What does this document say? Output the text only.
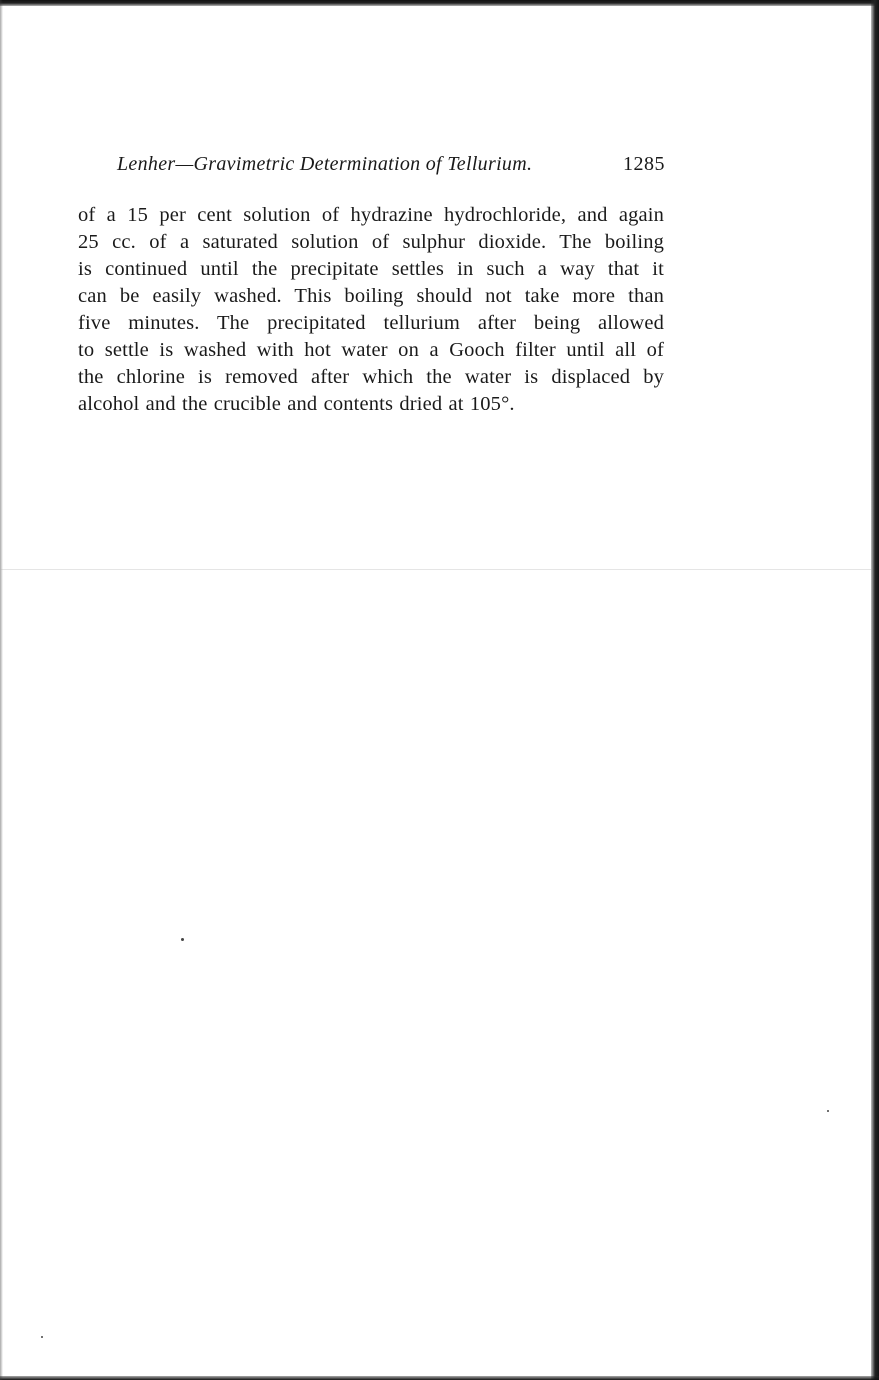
Lenher—Gravimetric Determination of Tellurium.	1285
of a 15 per cent solution of hydrazine hydrochloride, and again
25 cc. of a saturated solution of sulphur dioxide. The boiling
is continued until the precipitate settles in such a way that it
can be easily washed. This boiling should not take more than
five minutes. The precipitated tellurium after being allowed
to settle is washed with hot water on a Gooch filter until all of
the chlorine is removed after which the water is displaced by
alcohol and the crucible and contents dried at 105°.
